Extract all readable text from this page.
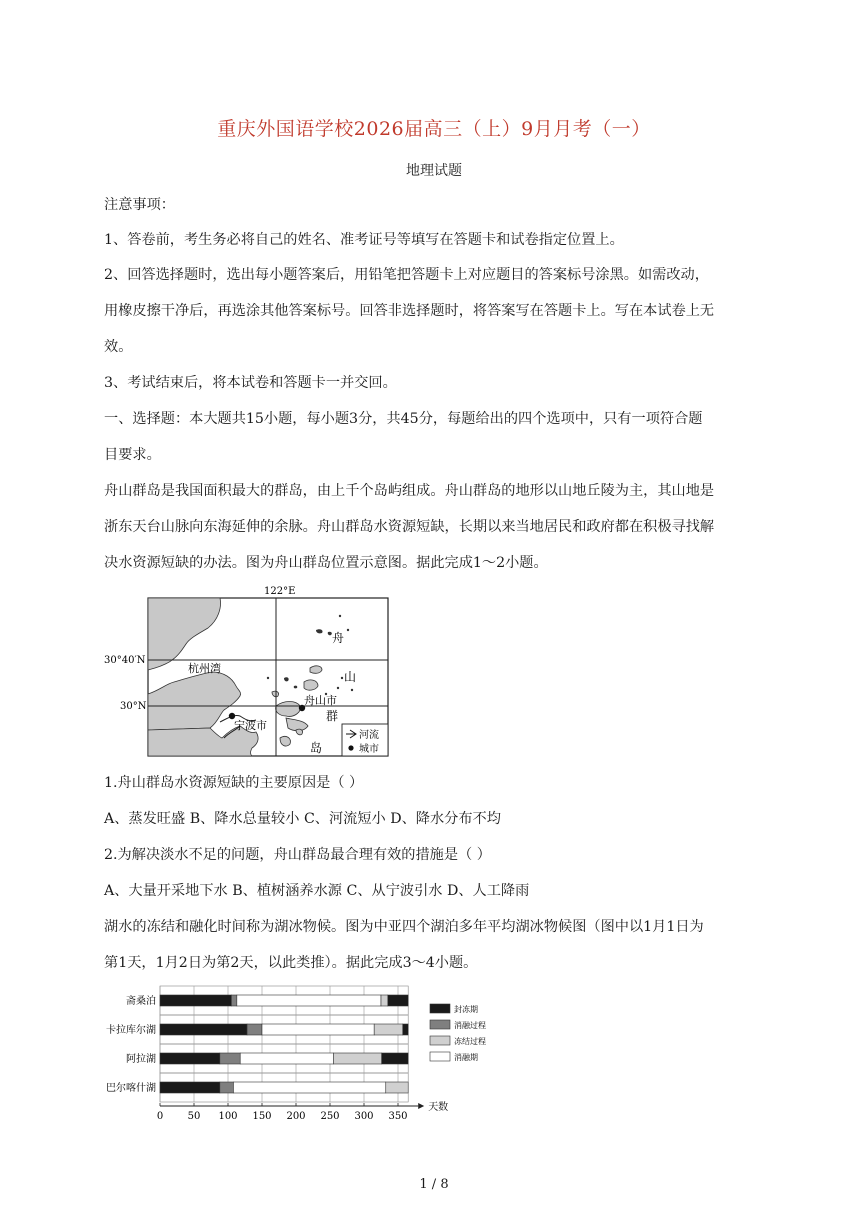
重庆外国语学校2026届高三（上）9月月考（一）
地理试题
注意事项：
1、答卷前，考生务必将自己的姓名、准考证号等填写在答题卡和试卷指定位置上。
2、回答选择题时，选出每小题答案后，用铅笔把答题卡上对应题目的答案标号涂黑。如需改动，
用橡皮擦干净后，再选涂其他答案标号。回答非选择题时，将答案写在答题卡上。写在本试卷上无
效。
3、考试结束后，将本试卷和答题卡一并交回。
一、选择题：本大题共15小题，每小题3分，共45分，每题给出的四个选项中，只有一项符合题
目要求。
舟山群岛是我国面积最大的群岛，由上千个岛屿组成。舟山群岛的地形以山地丘陵为主，其山地是
浙东天台山脉向东海延伸的余脉。舟山群岛水资源短缺，长期以来当地居民和政府都在积极寻找解
决水资源短缺的办法。图为舟山群岛位置示意图。据此完成1～2小题。
122°E
30°40′N
30°N
杭州湾
宁波市
舟山市
舟
山
群
岛
河流
城市
1.舟山群岛水资源短缺的主要原因是（ ）
A、蒸发旺盛 B、降水总量较小 C、河流短小 D、降水分布不均
2.为解决淡水不足的问题，舟山群岛最合理有效的措施是（ ）
A、大量开采地下水 B、植树涵养水源 C、从宁波引水 D、人工降雨
湖水的冻结和融化时间称为湖冰物候。图为中亚四个湖泊多年平均湖冰物候图（图中以1月1日为
第1天，1月2日为第2天，以此类推）。据此完成3～4小题。
斋桑泊
卡拉库尔湖
阿拉湖
巴尔喀什湖
0 50 100 150 200 250 300 350
天数
封冻期
消融过程
冻结过程
消融期
1 / 8
